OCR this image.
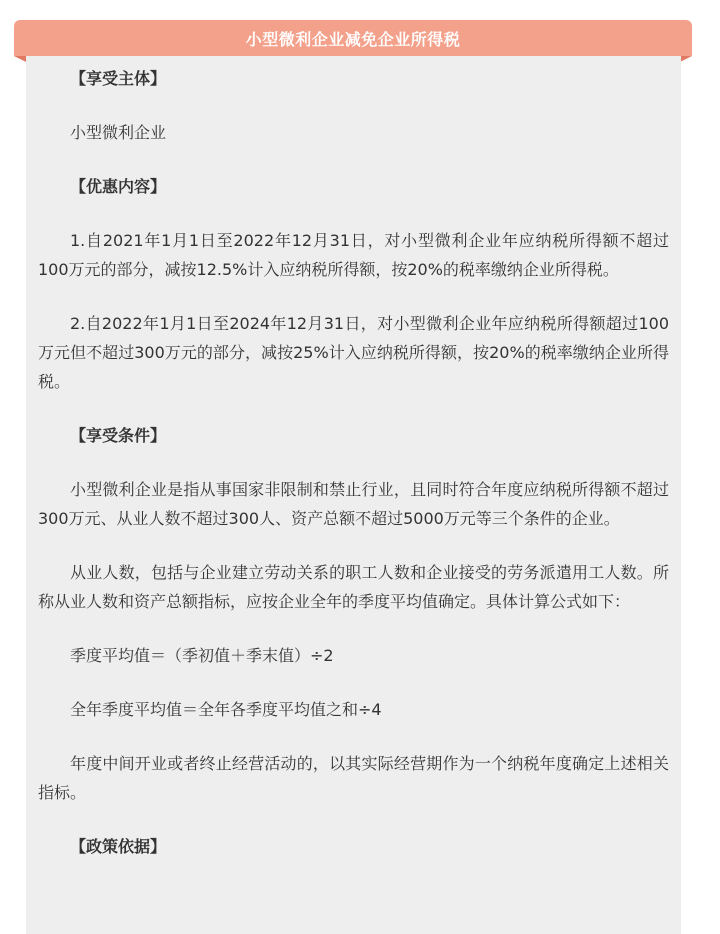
小型微利企业减免企业所得税
【享受主体】
小型微利企业
【优惠内容】
1.自2021年1月1日至2022年12月31日，对小型微利企业年应纳税所得额不超过100万元的部分，减按12.5%计入应纳税所得额，按20%的税率缴纳企业所得税。
2.自2022年1月1日至2024年12月31日，对小型微利企业年应纳税所得额超过100万元但不超过300万元的部分，减按25%计入应纳税所得额，按20%的税率缴纳企业所得税。
【享受条件】
小型微利企业是指从事国家非限制和禁止行业，且同时符合年度应纳税所得额不超过300万元、从业人数不超过300人、资产总额不超过5000万元等三个条件的企业。
从业人数，包括与企业建立劳动关系的职工人数和企业接受的劳务派遣用工人数。所称从业人数和资产总额指标，应按企业全年的季度平均值确定。具体计算公式如下：
季度平均值＝（季初值＋季末值）÷2
全年季度平均值＝全年各季度平均值之和÷4
年度中间开业或者终止经营活动的，以其实际经营期作为一个纳税年度确定上述相关指标。
【政策依据】
